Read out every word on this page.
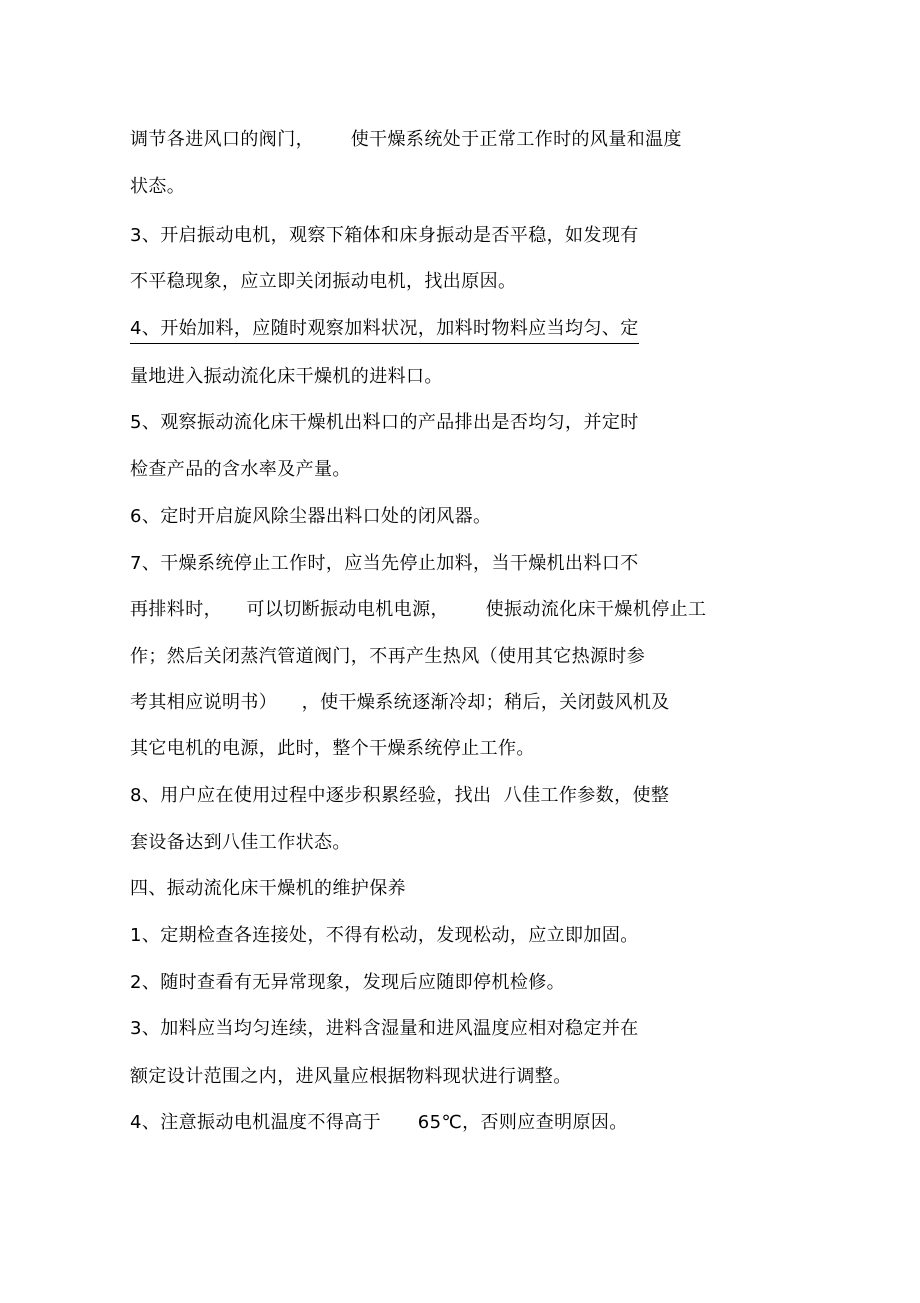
调节各进风口的阀门，      使干燥系统处于正常工作时的风量和温度

状态。

3、开启振动电机，观察下箱体和床身振动是否平稳，如发现有

不平稳现象，应立即关闭振动电机，找出原因。

4、开始加料，应随时观察加料状况，加料时物料应当均匀、定

量地进入振动流化床干燥机的进料口。

5、观察振动流化床干燥机出料口的产品排出是否均匀，并定时

检查产品的含水率及产量。

6、定时开启旋风除尘器出料口处的闭风器。

7、干燥系统停止工作时，应当先停止加料，当干燥机出料口不

再排料时，    可以切断振动电机电源，      使振动流化床干燥机停止工

作；然后关闭蒸汽管道阀门，不再产生热风（使用其它热源时参

考其相应说明书）    ，使干燥系统逐渐冷却；稍后，关闭鼓风机及

其它电机的电源，此时，整个干燥系统停止工作。

8、用户应在使用过程中逐步积累经验，找出  八佳工作参数，使整

套设备达到八佳工作状态。

四、振动流化床干燥机的维护保养

1、定期检查各连接处，不得有松动，发现松动，应立即加固。

2、随时查看有无异常现象，发现后应随即停机检修。

3、加料应当均匀连续，进料含湿量和进风温度应相对稳定并在

额定设计范围之内，进风量应根据物料现状进行调整。

4、注意振动电机温度不得高于      65℃，否则应查明原因。
